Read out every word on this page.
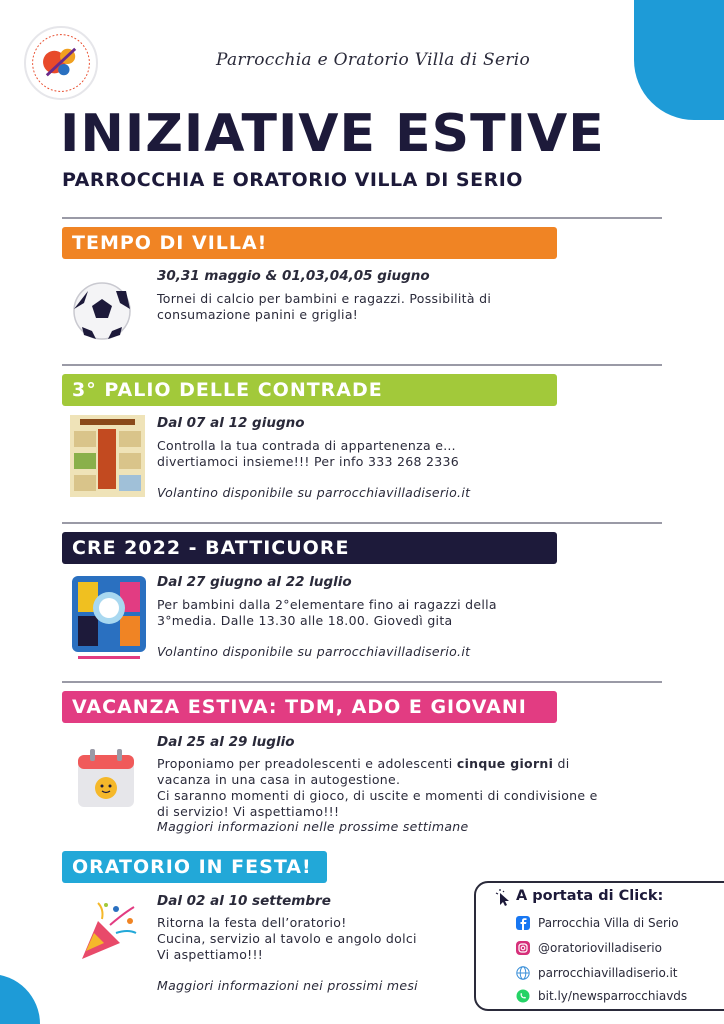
Parrocchia e Oratorio Villa di Serio
INIZIATIVE ESTIVE
PARROCCHIA E ORATORIO VILLA DI SERIO
TEMPO DI VILLA!
30,31 maggio & 01,03,04,05 giugno
Tornei di calcio per bambini e ragazzi. Possibilità di
consumazione panini e griglia!
3° PALIO DELLE CONTRADE
Dal 07 al 12 giugno
Controlla la tua contrada di appartenenza e…
divertiamoci insieme!!! Per info 333 268 2336
Volantino disponibile su parrocchiavilladiserio.it
CRE 2022 - BATTICUORE
Dal 27 giugno al 22 luglio
Per bambini dalla 2°elementare fino ai ragazzi della
3°media. Dalle 13.30 alle 18.00. Giovedì gita
Volantino disponibile su parrocchiavilladiserio.it
VACANZA ESTIVA: TDM, ADO E GIOVANI
Dal 25 al 29 luglio
Proponiamo per preadolescenti e adolescenti cinque giorni di
vacanza in una casa in autogestione.
Ci saranno momenti di gioco, di uscite e momenti di condivisione e
di servizio! Vi aspettiamo!!!
Maggiori informazioni nelle prossime settimane
ORATORIO IN FESTA!
Dal 02 al 10 settembre
Ritorna la festa dell’oratorio!
Cucina, servizio al tavolo e angolo dolci
Vi aspettiamo!!!
Maggiori informazioni nei prossimi mesi
A portata di Click:
Parrocchia Villa di Serio
@oratoriovilladiserio
parrocchiavilladiserio.it
bit.ly/newsparrocchiavds
